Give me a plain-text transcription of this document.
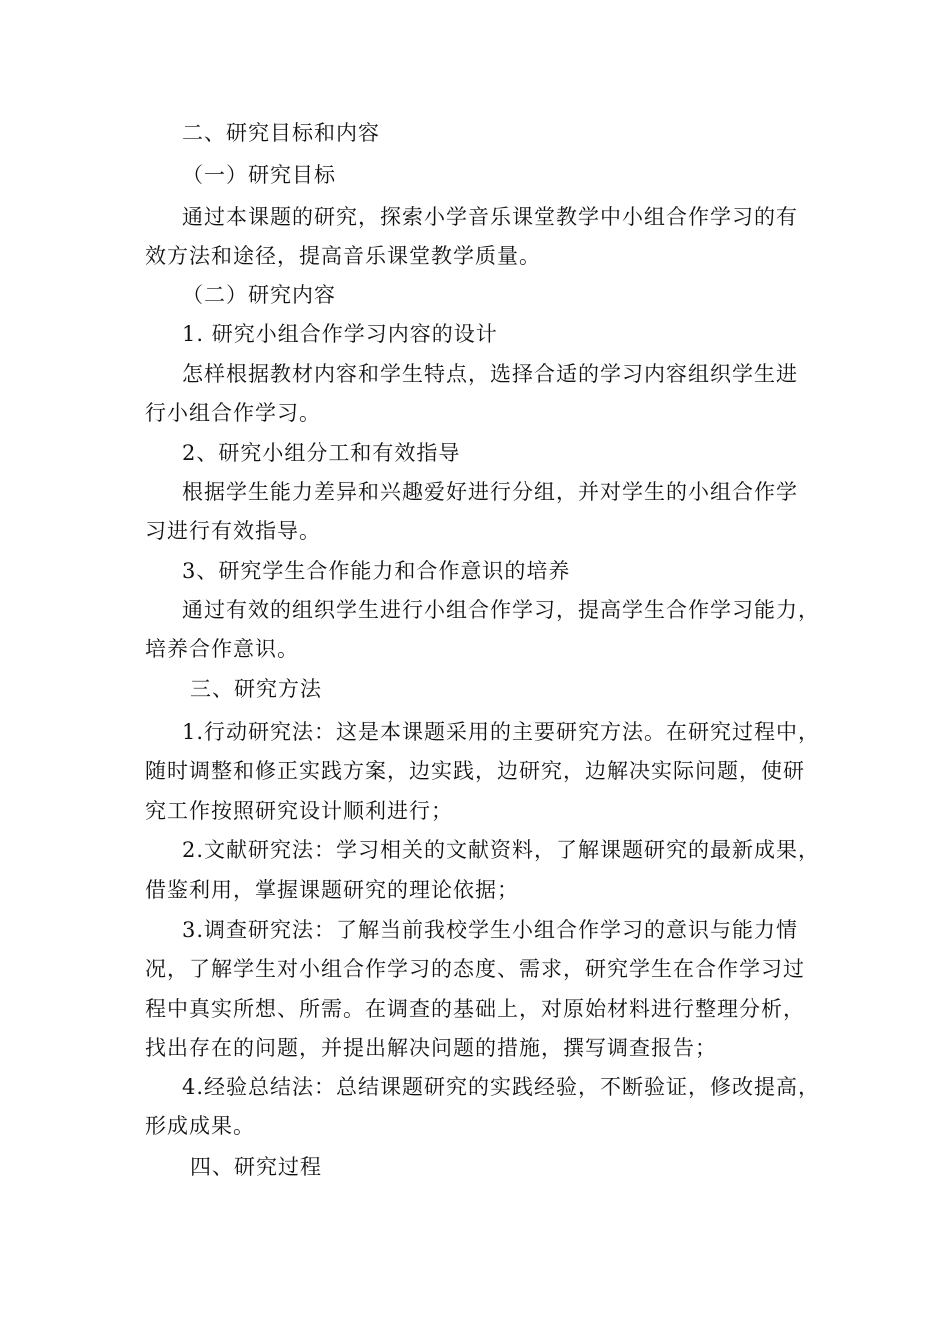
二、研究目标和内容
（一）研究目标
通过本课题的研究，探索小学音乐课堂教学中小组合作学习的有
效方法和途径，提高音乐课堂教学质量。
（二）研究内容
1. 研究小组合作学习内容的设计
怎样根据教材内容和学生特点，选择合适的学习内容组织学生进
行小组合作学习。
2、研究小组分工和有效指导
根据学生能力差异和兴趣爱好进行分组，并对学生的小组合作学
习进行有效指导。
3、研究学生合作能力和合作意识的培养
通过有效的组织学生进行小组合作学习，提高学生合作学习能力，
培养合作意识。
三、研究方法
1.行动研究法：这是本课题采用的主要研究方法。在研究过程中，
随时调整和修正实践方案，边实践，边研究，边解决实际问题，使研
究工作按照研究设计顺利进行；
2.文献研究法：学习相关的文献资料，了解课题研究的最新成果，
借鉴利用，掌握课题研究的理论依据；
3.调查研究法：了解当前我校学生小组合作学习的意识与能力情
况，了解学生对小组合作学习的态度、需求，研究学生在合作学习过
程中真实所想、所需。在调查的基础上，对原始材料进行整理分析，
找出存在的问题，并提出解决问题的措施，撰写调查报告；
4.经验总结法：总结课题研究的实践经验，不断验证，修改提高，
形成成果。
四、研究过程
